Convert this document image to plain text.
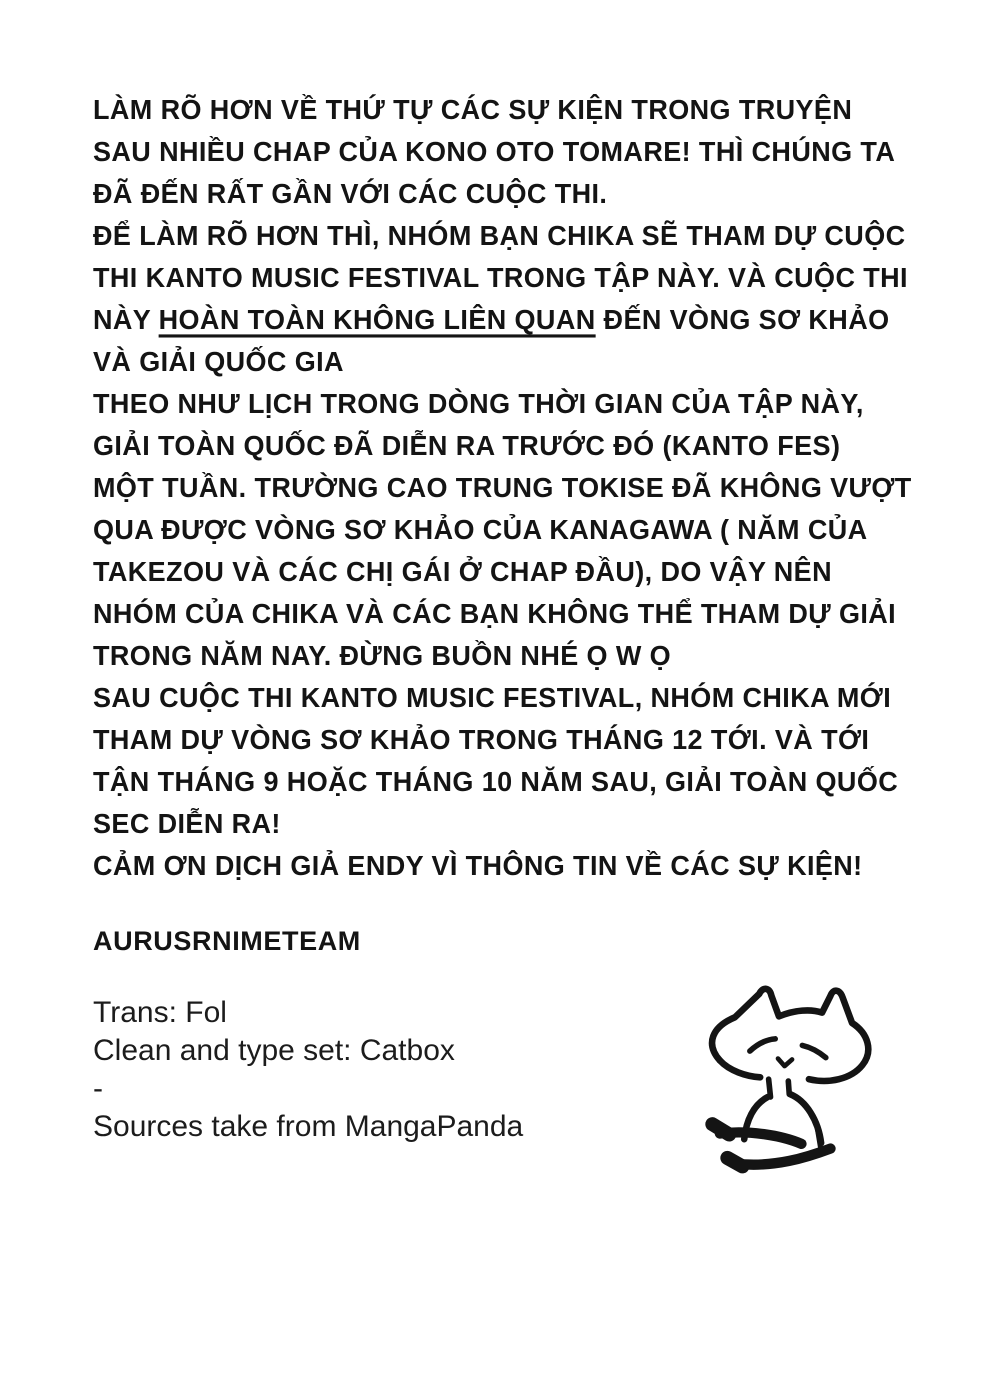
LÀM RÕ HƠN VỀ THỨ TỰ CÁC SỰ KIỆN TRONG TRUYỆN
SAU NHIỀU CHAP CỦA KONO OTO TOMARE! THÌ CHÚNG TA
ĐÃ ĐẾN RẤT GẦN VỚI CÁC CUỘC THI.
ĐỂ LÀM RÕ HƠN THÌ, NHÓM BẠN CHIKA SẼ THAM DỰ CUỘC
THI KANTO MUSIC FESTIVAL TRONG TẬP NÀY. VÀ CUỘC THI
NÀY HOÀN TOÀN KHÔNG LIÊN QUAN ĐẾN VÒNG SƠ KHẢO
VÀ GIẢI QUỐC GIA
THEO NHƯ LỊCH TRONG DÒNG THỜI GIAN CỦA TẬP NÀY,
GIẢI TOÀN QUỐC ĐÃ DIỄN RA TRƯỚC ĐÓ (KANTO FES)
MỘT TUẦN. TRƯỜNG CAO TRUNG TOKISE ĐÃ KHÔNG VƯỢT
QUA ĐƯỢC VÒNG SƠ KHẢO CỦA KANAGAWA ( NĂM CỦA
TAKEZOU VÀ CÁC CHỊ GÁI Ở CHAP ĐẦU), DO VẬY NÊN
NHÓM CỦA CHIKA VÀ CÁC BẠN KHÔNG THỂ THAM DỰ GIẢI
TRONG NĂM NAY. ĐỪNG BUỒN NHÉ Ọ W Ọ
SAU CUỘC THI KANTO MUSIC FESTIVAL, NHÓM CHIKA MỚI
THAM DỰ VÒNG SƠ KHẢO TRONG THÁNG 12 TỚI. VÀ TỚI
TẬN THÁNG 9 HOẶC THÁNG 10 NĂM SAU, GIẢI TOÀN QUỐC
SEC DIỄN RA!
CẢM ƠN DỊCH GIẢ ENDY VÌ THÔNG TIN VỀ CÁC SỰ KIỆN!
AURUSRNIMETEAM
Trans: Fol
Clean and type set: Catbox
-
Sources take from MangaPanda
